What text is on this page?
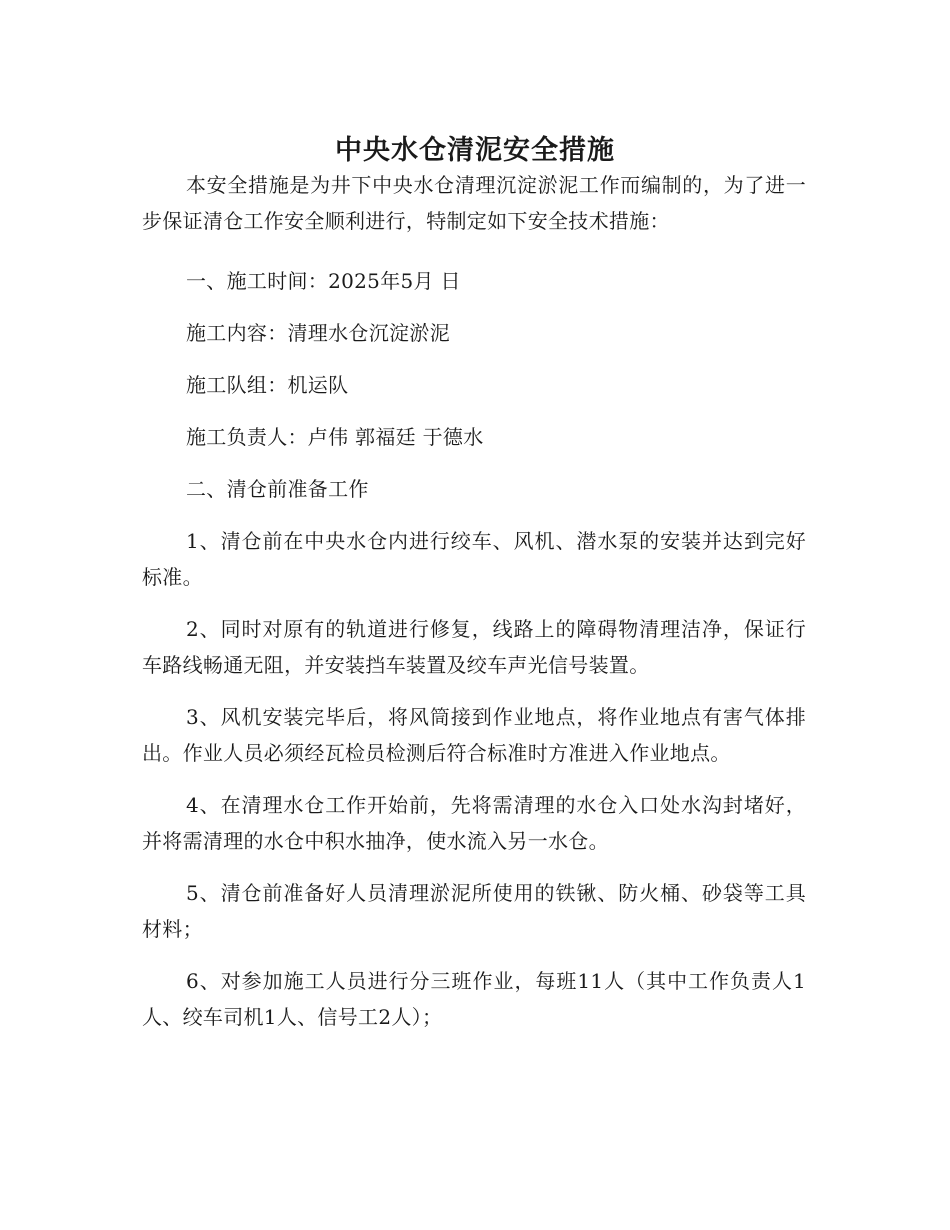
中央水仓清泥安全措施

本安全措施是为井下中央水仓清理沉淀淤泥工作而编制的，为了进一步保证清仓工作安全顺利进行，特制定如下安全技术措施：

一、施工时间：2025年5月 日

施工内容：清理水仓沉淀淤泥

施工队组：机运队

施工负责人：卢伟 郭福廷 于德水

二、清仓前准备工作

1、清仓前在中央水仓内进行绞车、风机、潜水泵的安装并达到完好标准。

2、同时对原有的轨道进行修复，线路上的障碍物清理洁净，保证行车路线畅通无阻，并安装挡车装置及绞车声光信号装置。

3、风机安装完毕后，将风筒接到作业地点，将作业地点有害气体排出。作业人员必须经瓦检员检测后符合标准时方准进入作业地点。

4、在清理水仓工作开始前，先将需清理的水仓入口处水沟封堵好，并将需清理的水仓中积水抽净，使水流入另一水仓。

5、清仓前准备好人员清理淤泥所使用的铁锹、防火桶、砂袋等工具材料；

6、对参加施工人员进行分三班作业，每班11人（其中工作负责人1人、绞车司机1人、信号工2人）；
